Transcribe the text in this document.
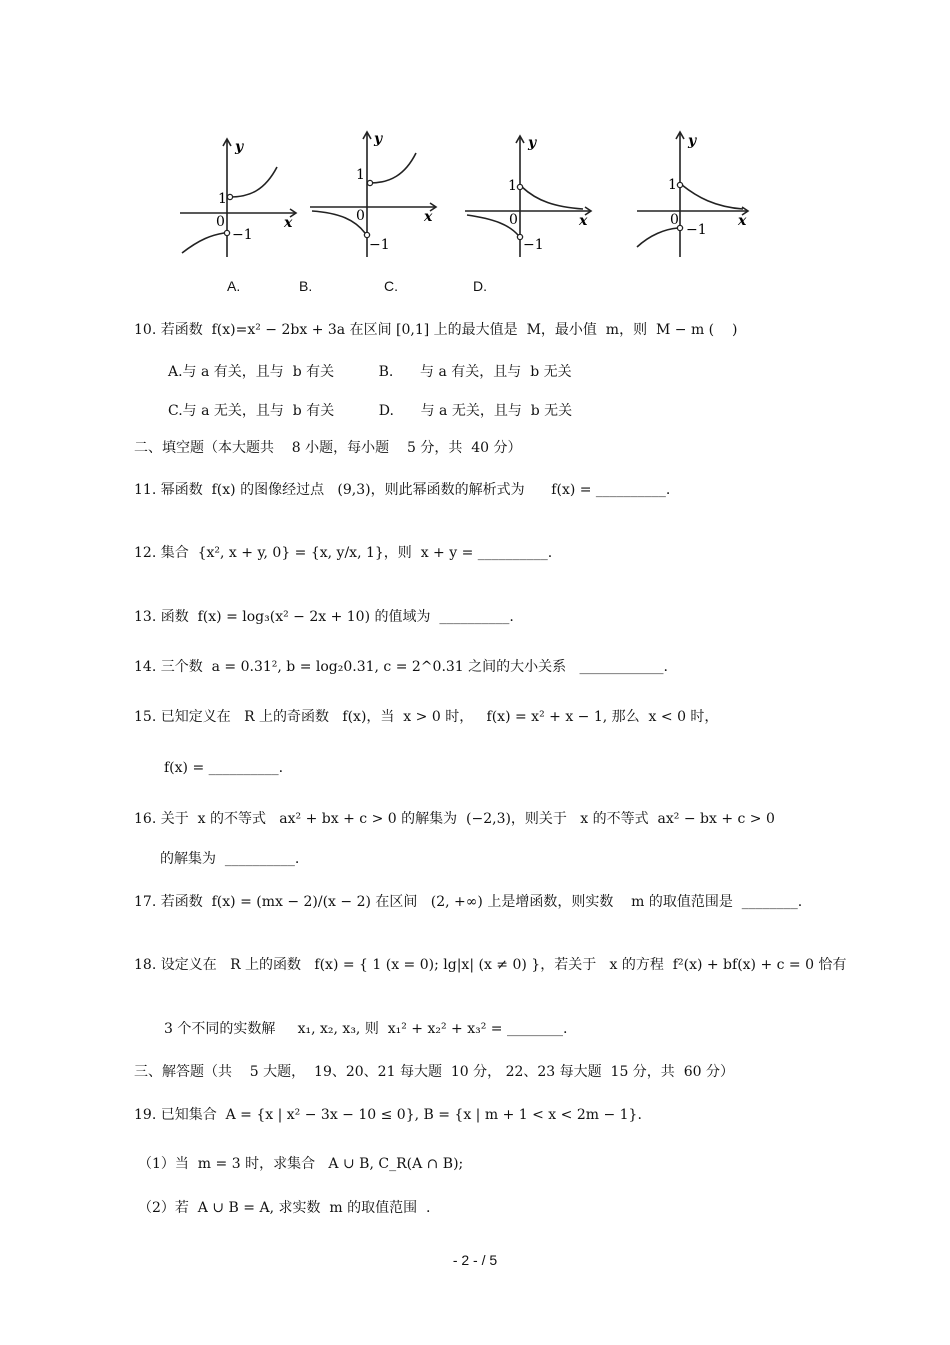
y
x
1
0
−1
y
x
1
0
−1
y
x
1
0
−1
y
x
1
0
−1
A.	B.	C.	D.
10. 若函数  f(x)=x² − 2bx + 3a 在区间 [0,1] 上的最大值是  M，最小值  m，则  M − m (    )
A.与 a 有关，且与  b 有关          B.      与 a 有关，且与  b 无关
C.与 a 无关，且与  b 有关          D.      与 a 无关，且与  b 无关
二、填空题（本大题共    8 小题，每小题    5 分，共  40 分）
11. 幂函数  f(x) 的图像经过点   (9,3)，则此幂函数的解析式为      f(x) = __________.
12. 集合  {x², x + y, 0} = {x, y/x, 1}，则  x + y = __________.
13. 函数  f(x) = log₃(x² − 2x + 10) 的值域为  __________.
14. 三个数  a = 0.31², b = log₂0.31, c = 2^0.31 之间的大小关系   ____________.
15. 已知定义在   R 上的奇函数   f(x)，当  x > 0 时，   f(x) = x² + x − 1, 那么  x < 0 时，
f(x) = __________.
16. 关于  x 的不等式   ax² + bx + c > 0 的解集为  (−2,3)，则关于   x 的不等式  ax² − bx + c > 0
的解集为  __________.
17. 若函数  f(x) = (mx − 2)/(x − 2) 在区间   (2, +∞) 上是增函数，则实数    m 的取值范围是  ________.
18. 设定义在   R 上的函数   f(x) = { 1 (x = 0); lg|x| (x ≠ 0) }，若关于   x 的方程  f²(x) + bf(x) + c = 0 恰有
3 个不同的实数解     x₁, x₂, x₃, 则  x₁² + x₂² + x₃² = ________.
三、解答题（共    5 大题，  19、20、21 每大题  10 分， 22、23 每大题  15 分，共  60 分）
19. 已知集合  A = {x | x² − 3x − 10 ≤ 0}, B = {x | m + 1 < x < 2m − 1}.
（1）当  m = 3 时，求集合   A ∪ B, C_R(A ∩ B);
（2）若  A ∪ B = A, 求实数  m 的取值范围  .
- 2 - / 5
